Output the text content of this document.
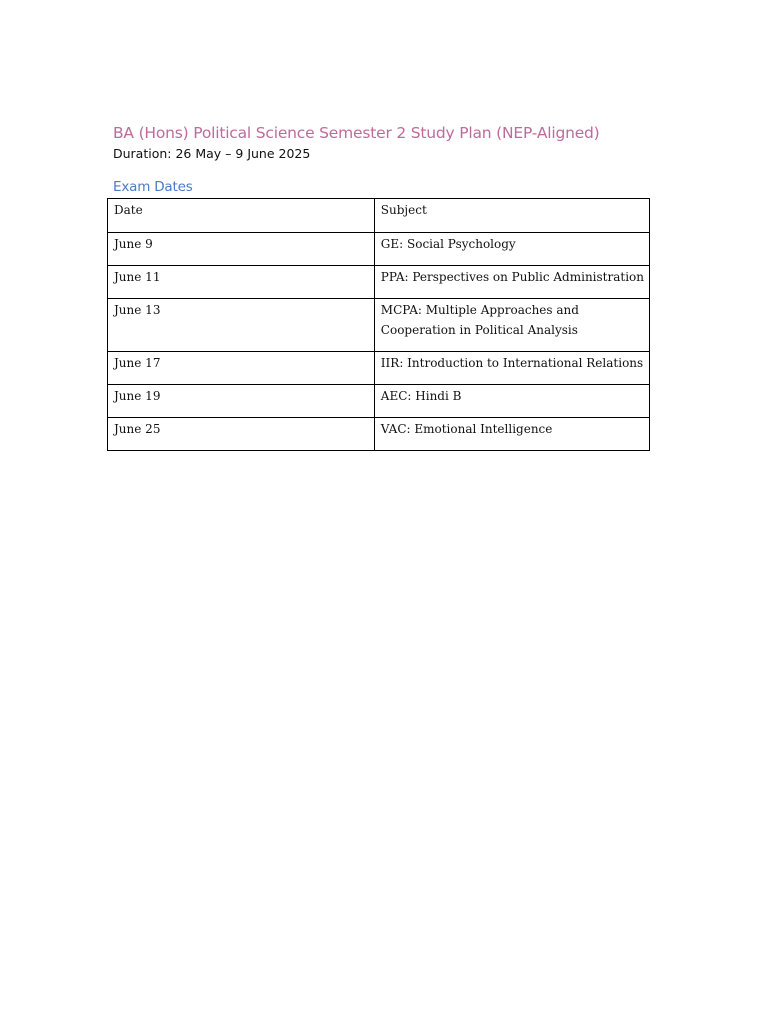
BA (Hons) Political Science Semester 2 Study Plan (NEP-Aligned)
Duration: 26 May – 9 June 2025
Exam Dates
Date	Subject
June 9	GE: Social Psychology
June 11	PPA: Perspectives on Public Administration
June 13	MCPA: Multiple Approaches and
Cooperation in Political Analysis

June 17	IIR: Introduction to International Relations
June 19	AEC: Hindi B
June 25	VAC: Emotional Intelligence
